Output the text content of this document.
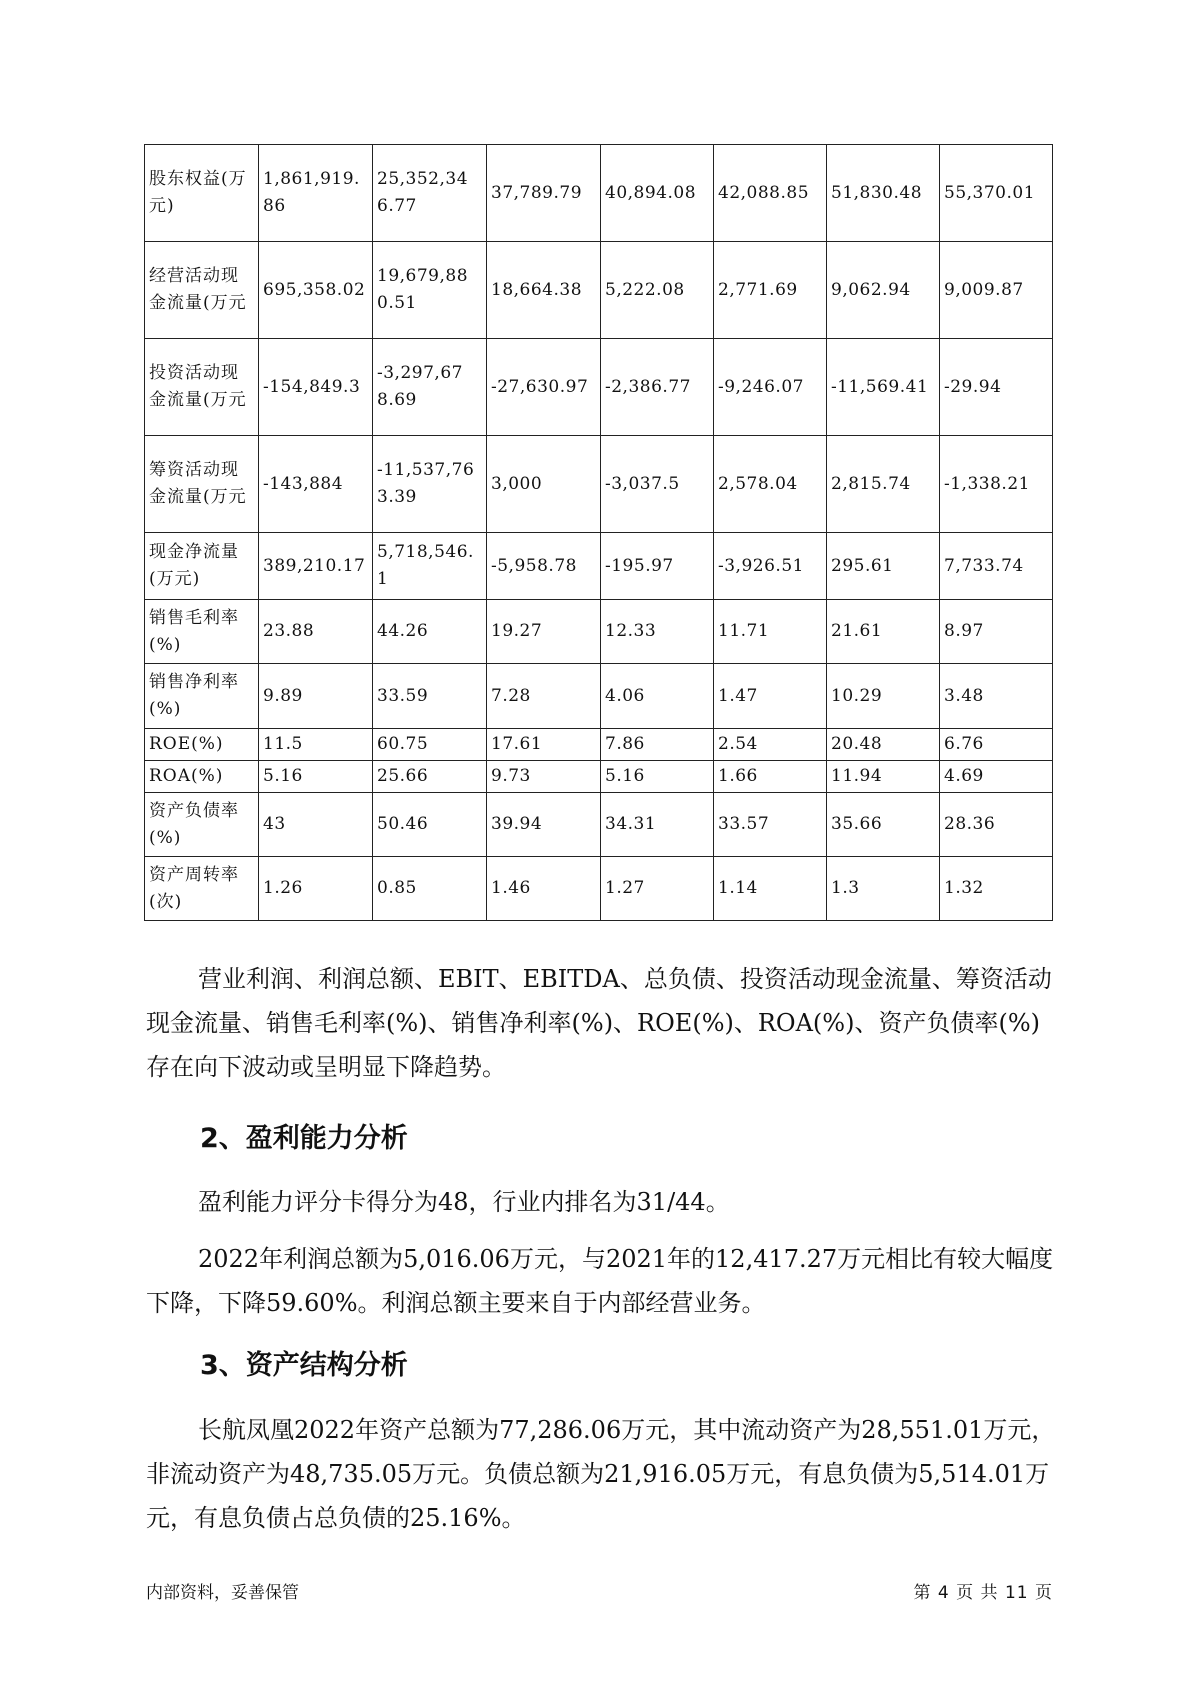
股东权益(万元)	1,861,919.86	25,352,346.77	37,789.79	40,894.08	42,088.85	51,830.48	55,370.01
经营活动现金流量(万元	695,358.02	19,679,880.51	18,664.38	5,222.08	2,771.69	9,062.94	9,009.87
投资活动现金流量(万元	-154,849.3	-3,297,678.69	-27,630.97	-2,386.77	-9,246.07	-11,569.41	-29.94
筹资活动现金流量(万元	-143,884	-11,537,763.39	3,000	-3,037.5	2,578.04	2,815.74	-1,338.21
现金净流量(万元)	389,210.17	5,718,546.1	-5,958.78	-195.97	-3,926.51	295.61	7,733.74
销售毛利率(%)	23.88	44.26	19.27	12.33	11.71	21.61	8.97
销售净利率(%)	9.89	33.59	7.28	4.06	1.47	10.29	3.48
ROE(%)	11.5	60.75	17.61	7.86	2.54	20.48	6.76
ROA(%)	5.16	25.66	9.73	5.16	1.66	11.94	4.69
资产负债率(%)	43	50.46	39.94	34.31	33.57	35.66	28.36
资产周转率(次)	1.26	0.85	1.46	1.27	1.14	1.3	1.32

营业利润、利润总额、EBIT、EBITDA、总负债、投资活动现金流量、筹资活动现金流量、销售毛利率(%)、销售净利率(%)、ROE(%)、ROA(%)、资产负债率(%)存在向下波动或呈明显下降趋势。

2、盈利能力分析

盈利能力评分卡得分为48，行业内排名为31/44。

2022年利润总额为5,016.06万元，与2021年的12,417.27万元相比有较大幅度下降，下降59.60%。利润总额主要来自于内部经营业务。

3、资产结构分析

长航凤凰2022年资产总额为77,286.06万元，其中流动资产为28,551.01万元，非流动资产为48,735.05万元。负债总额为21,916.05万元，有息负债为5,514.01万元，有息负债占总负债的25.16%。

内部资料，妥善保管	第 4 页 共 11 页
